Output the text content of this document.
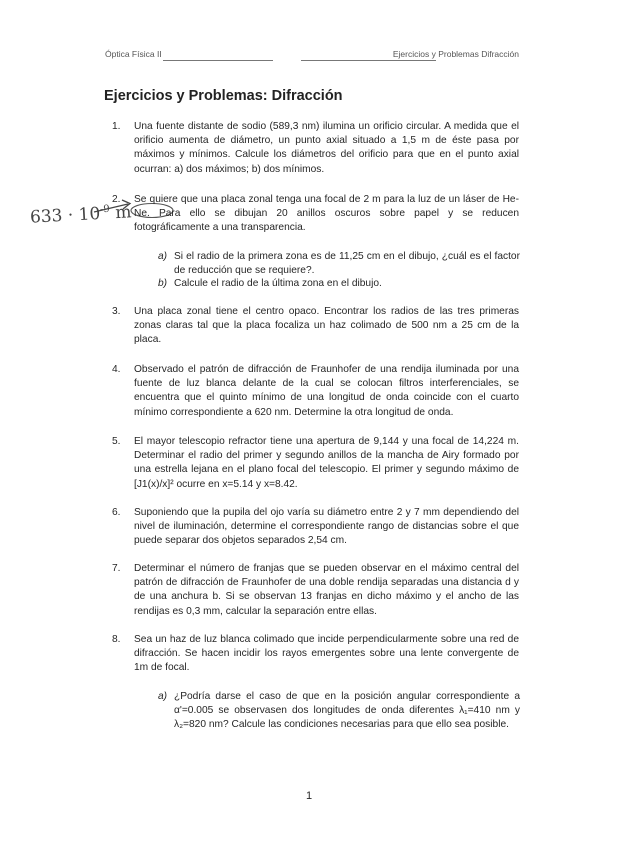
Óptica Física II	Ejercicios y Problemas Difracción
Ejercicios y Problemas: Difracción
$633 \cdot 10^{-9}$ m
1.	Una fuente distante de sodio (589,3 nm) ilumina un orificio circular. A medida que el orificio aumenta de diámetro, un punto axial situado a 1,5 m de éste pasa por máximos y mínimos. Calcule los diámetros del orificio para que en el punto axial ocurran: a) dos máximos; b) dos mínimos.
2.	Se quiere que una placa zonal tenga una focal de 2 m para la luz de un láser de He-Ne. Para ello se dibujan 20 anillos oscuros sobre papel y se reducen fotográficamente a una transparencia.
a) Si el radio de la primera zona es de 11,25 cm en el dibujo, ¿cuál es el factor de reducción que se requiere?.
b) Calcule el radio de la última zona en el dibujo.
3.	Una placa zonal tiene el centro opaco. Encontrar los radios de las tres primeras zonas claras tal que la placa focaliza un haz colimado de 500 nm a 25 cm de la placa.
4.	Observado el patrón de difracción de Fraunhofer de una rendija iluminada por una fuente de luz blanca delante de la cual se colocan filtros interferenciales, se encuentra que el quinto mínimo de una longitud de onda coincide con el cuarto mínimo correspondiente a 620 nm. Determine la otra longitud de onda.
5.	El mayor telescopio refractor tiene una apertura de 9,144 y una focal de 14,224 m. Determinar el radio del primer y segundo anillos de la mancha de Airy formado por una estrella lejana en el plano focal del telescopio. El primer y segundo máximo de [J1(x)/x]² ocurre en x=5.14 y x=8.42.
6.	Suponiendo que la pupila del ojo varía su diámetro entre 2 y 7 mm dependiendo del nivel de iluminación, determine el correspondiente rango de distancias sobre el que puede separar dos objetos separados 2,54 cm.
7.	Determinar el número de franjas que se pueden observar en el máximo central del patrón de difracción de Fraunhofer de una doble rendija separadas una distancia d y de una anchura b. Si se observan 13 franjas en dicho máximo y el ancho de las rendijas es 0,3 mm, calcular la separación entre ellas.
8.	Sea un haz de luz blanca colimado que incide perpendicularmente sobre una red de difracción. Se hacen incidir los rayos emergentes sobre una lente convergente de 1m de focal.
a) ¿Podría darse el caso de que en la posición angular correspondiente a α'=0.005 se observasen dos longitudes de onda diferentes λ₁=410 nm y λ₂=820 nm? Calcule las condiciones necesarias para que ello sea posible.
1
